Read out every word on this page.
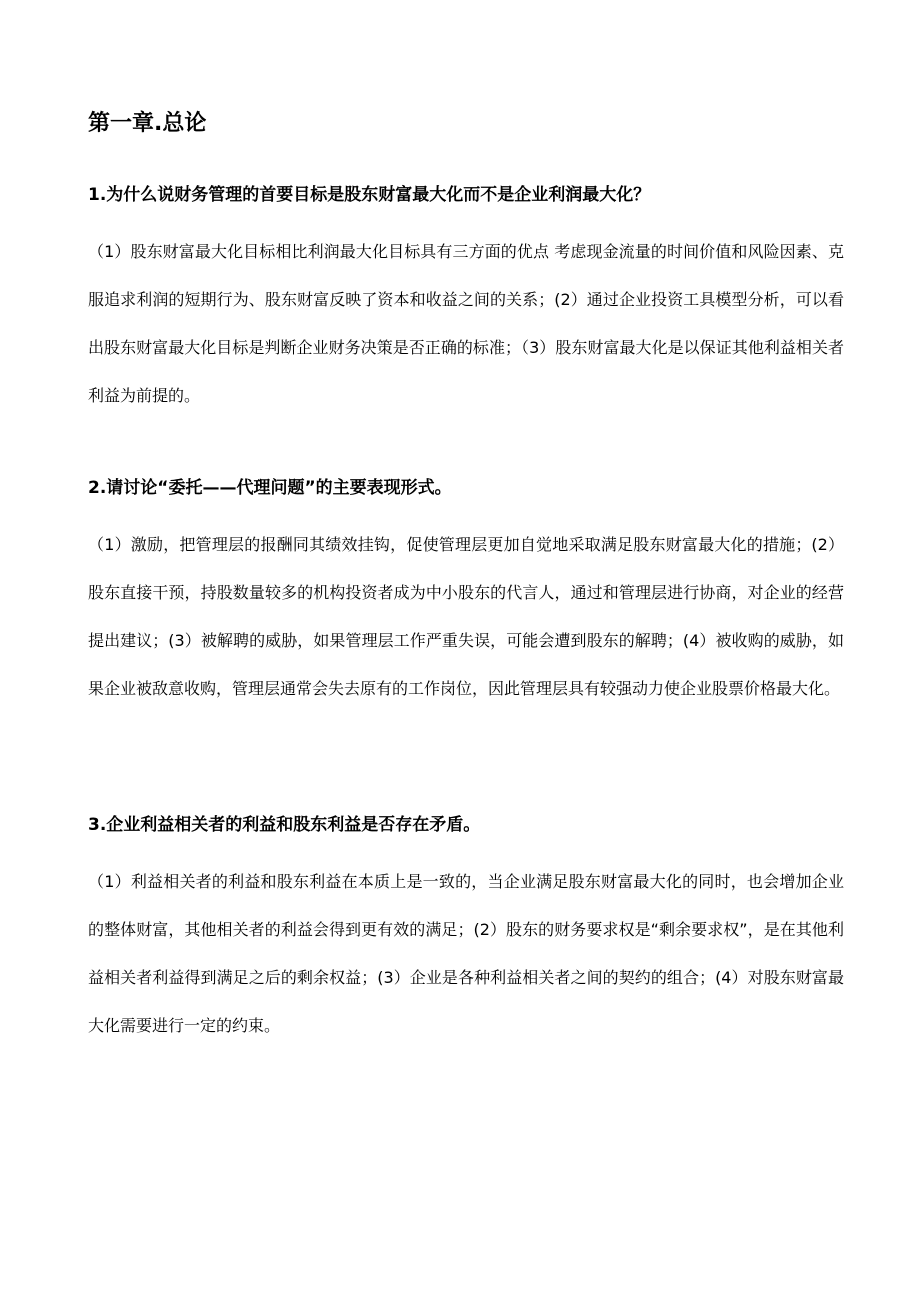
第一章.总论

1.为什么说财务管理的首要目标是股东财富最大化而不是企业利润最大化？

（1）股东财富最大化目标相比利润最大化目标具有三方面的优点 考虑现金流量的时间价值和风险因素、克服追求利润的短期行为、股东财富反映了资本和收益之间的关系；(2）通过企业投资工具模型分析，可以看出股东财富最大化目标是判断企业财务决策是否正确的标准；（3）股东财富最大化是以保证其他利益相关者利益为前提的。

2.请讨论“委托——代理问题”的主要表现形式。

（1）激励，把管理层的报酬同其绩效挂钩，促使管理层更加自觉地采取满足股东财富最大化的措施；(2）股东直接干预，持股数量较多的机构投资者成为中小股东的代言人，通过和管理层进行协商，对企业的经营提出建议；(3）被解聘的威胁，如果管理层工作严重失误，可能会遭到股东的解聘；(4）被收购的威胁，如果企业被敌意收购，管理层通常会失去原有的工作岗位，因此管理层具有较强动力使企业股票价格最大化。

3.企业利益相关者的利益和股东利益是否存在矛盾。

（1）利益相关者的利益和股东利益在本质上是一致的，当企业满足股东财富最大化的同时，也会增加企业的整体财富，其他相关者的利益会得到更有效的满足；(2）股东的财务要求权是“剩余要求权”，是在其他利益相关者利益得到满足之后的剩余权益；(3）企业是各种利益相关者之间的契约的组合；(4）对股东财富最大化需要进行一定的约束。
